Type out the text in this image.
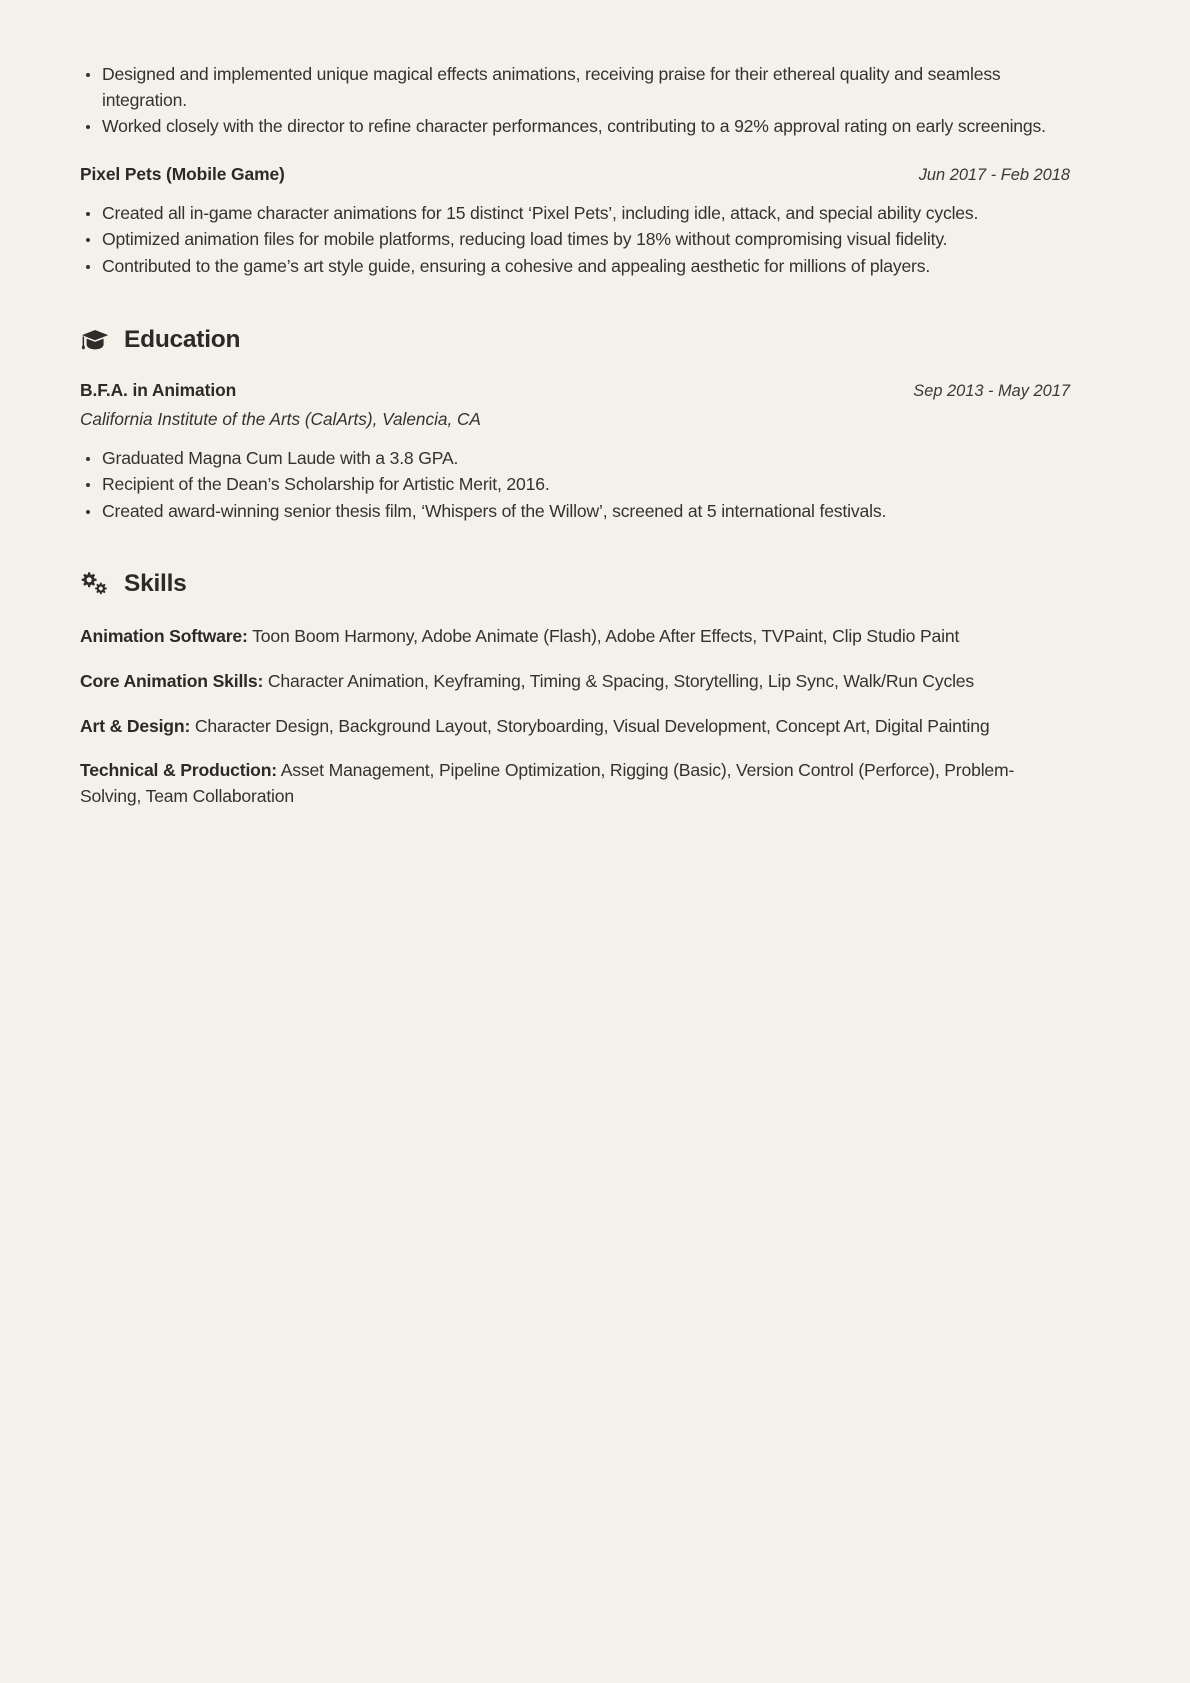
Designed and implemented unique magical effects animations, receiving praise for their ethereal quality and seamless integration.
Worked closely with the director to refine character performances, contributing to a 92% approval rating on early screenings.
Pixel Pets (Mobile Game)	Jun 2017 - Feb 2018
Created all in-game character animations for 15 distinct ‘Pixel Pets’, including idle, attack, and special ability cycles.
Optimized animation files for mobile platforms, reducing load times by 18% without compromising visual fidelity.
Contributed to the game’s art style guide, ensuring a cohesive and appealing aesthetic for millions of players.
Education
B.F.A. in Animation	Sep 2013 - May 2017
California Institute of the Arts (CalArts), Valencia, CA
Graduated Magna Cum Laude with a 3.8 GPA.
Recipient of the Dean’s Scholarship for Artistic Merit, 2016.
Created award-winning senior thesis film, ‘Whispers of the Willow’, screened at 5 international festivals.
Skills
Animation Software: Toon Boom Harmony, Adobe Animate (Flash), Adobe After Effects, TVPaint, Clip Studio Paint
Core Animation Skills: Character Animation, Keyframing, Timing & Spacing, Storytelling, Lip Sync, Walk/Run Cycles
Art & Design: Character Design, Background Layout, Storyboarding, Visual Development, Concept Art, Digital Painting
Technical & Production: Asset Management, Pipeline Optimization, Rigging (Basic), Version Control (Perforce), Problem-Solving, Team Collaboration
